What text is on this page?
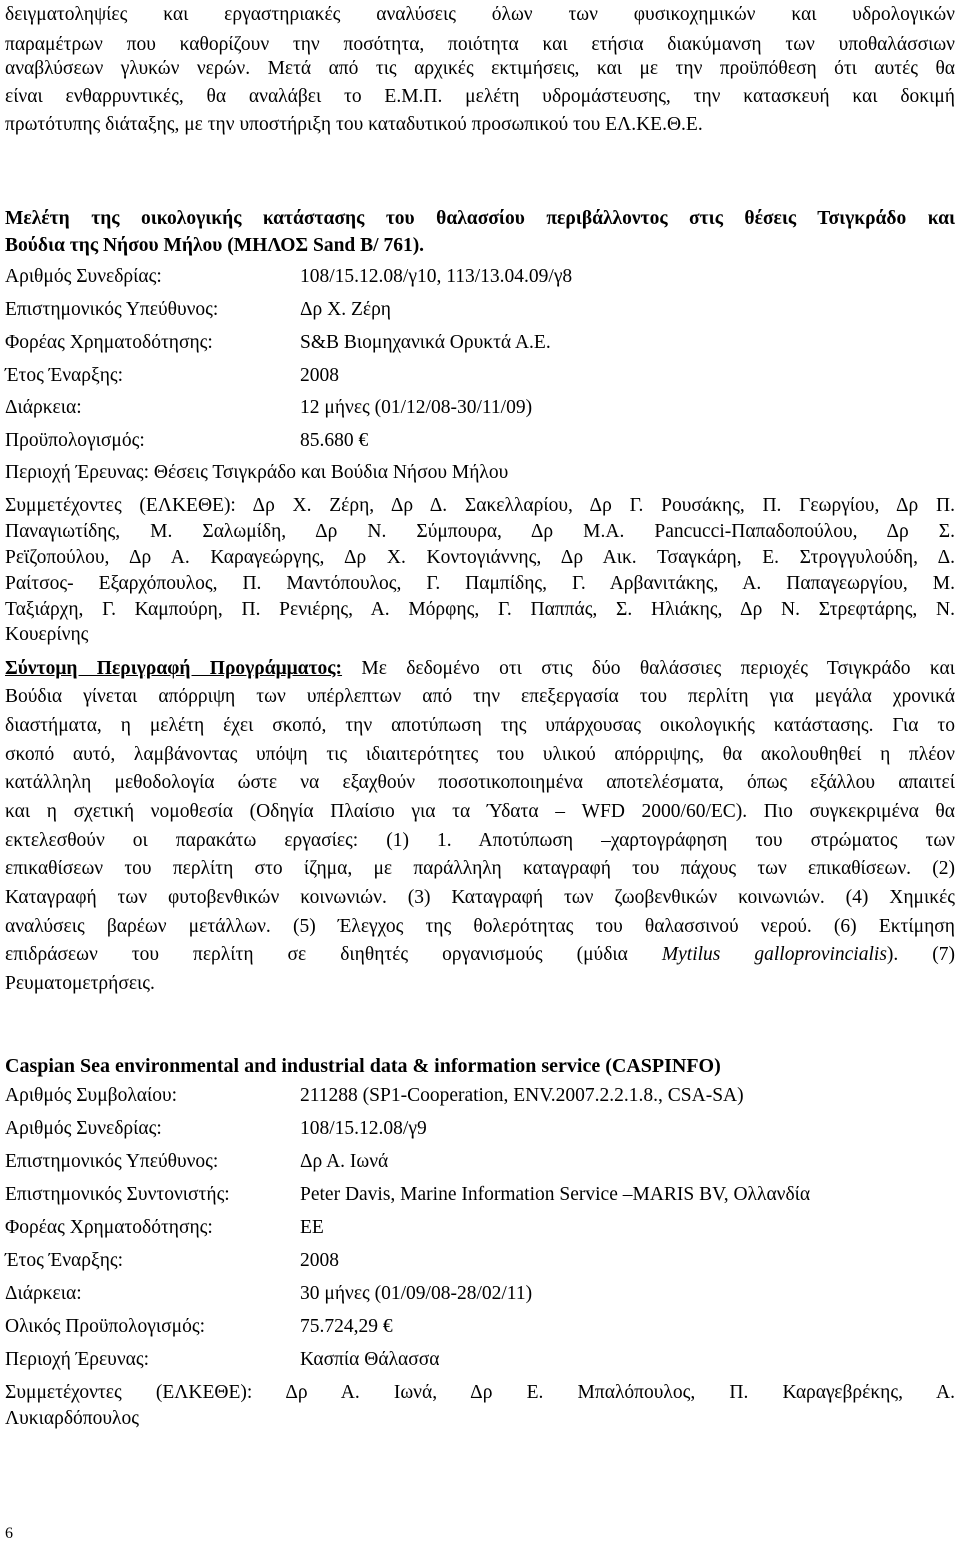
δειγματοληψίες και εργαστηριακές αναλύσεις όλων των φυσικοχημικών και υδρολογικών
παραμέτρων που καθορίζουν την ποσότητα, ποιότητα και ετήσια διακύμανση των υποθαλάσσιων
αναβλύσεων γλυκών νερών. Μετά από τις αρχικές εκτιμήσεις, και με την προϋπόθεση ότι αυτές θα
είναι ενθαρρυντικές, θα αναλάβει το Ε.Μ.Π. μελέτη υδρομάστευσης, την κατασκευή και δοκιμή
πρωτότυπης διάταξης, με την υποστήριξη του καταδυτικού προσωπικού του ΕΛ.ΚΕ.Θ.Ε.
Μελέτη της οικολογικής κατάστασης του θαλασσίου περιβάλλοντος στις θέσεις Τσιγκράδο και
Βούδια της Νήσου Μήλου (ΜΗΛΟΣ Sand B/ 761).
Αριθμός Συνεδρίας:	108/15.12.08/γ10, 113/13.04.09/γ8
Επιστημονικός Υπεύθυνος:	Δρ Χ. Ζέρη
Φορέας Χρηματοδότησης:	S&B Βιομηχανικά Ορυκτά Α.Ε.
Έτος Έναρξης:	2008
Διάρκεια:	12 μήνες (01/12/08-30/11/09)
Προϋπολογισμός:	85.680 €
Περιοχή Έρευνας: Θέσεις Τσιγκράδο και Βούδια Νήσου Μήλου
Συμμετέχοντες (ΕΛΚΕΘΕ): Δρ Χ. Ζέρη, Δρ Δ. Σακελλαρίου, Δρ Γ. Ρουσάκης, Π. Γεωργίου, Δρ Π.
Παναγιωτίδης, Μ. Σαλωμίδη, Δρ Ν. Σύμπουρα, Δρ Μ.Α. Pancucci-Παπαδοπούλου, Δρ Σ.
Ρεϊζοπούλου, Δρ Α. Καραγεώργης, Δρ Χ. Κοντογιάννης, Δρ Αικ. Τσαγκάρη, Ε. Στρογγυλούδη, Δ.
Ραίτσος- Εξαρχόπουλος, Π. Μαντόπουλος, Γ. Παμπίδης, Γ. Αρβανιτάκης, Α. Παπαγεωργίου, Μ.
Ταξιάρχη, Γ. Καμπούρη, Π. Ρενιέρης, Α. Μόρφης, Γ. Παππάς, Σ. Ηλιάκης, Δρ Ν. Στρεφτάρης, Ν.
Κουερίνης
Σύντομη Περιγραφή Προγράμματος: Με δεδομένο οτι στις δύο θαλάσσιες περιοχές Τσιγκράδο και
Βούδια γίνεται απόρριψη των υπέρλεπτων από την επεξεργασία του περλίτη για μεγάλα χρονικά
διαστήματα, η μελέτη έχει σκοπό, την αποτύπωση της υπάρχουσας οικολογικής κατάστασης. Για το
σκοπό αυτό, λαμβάνοντας υπόψη τις ιδιαιτερότητες του υλικού απόρριψης, θα ακολουθηθεί η πλέον
κατάλληλη μεθοδολογία ώστε να εξαχθούν ποσοτικοποιημένα αποτελέσματα, όπως εξάλλου απαιτεί
και η σχετική νομοθεσία (Οδηγία Πλαίσιο για τα Ύδατα – WFD 2000/60/EC). Πιο συγκεκριμένα θα
εκτελεσθούν οι παρακάτω εργασίες: (1) 1. Αποτύπωση –χαρτογράφηση του στρώματος των
επικαθίσεων του περλίτη στο ίζημα, με παράλληλη καταγραφή του πάχους των επικαθίσεων. (2)
Καταγραφή των φυτοβενθικών κοινωνιών. (3) Καταγραφή των ζωοβενθικών κοινωνιών. (4) Χημικές
αναλύσεις βαρέων μετάλλων. (5) Έλεγχος της θολερότητας του θαλασσινού νερού. (6) Εκτίμηση
επιδράσεων του περλίτη σε διηθητές οργανισμούς (μύδια Mytilus galloprovincialis). (7)
Ρευματομετρήσεις.
Caspian Sea environmental and industrial data & information service (CASPINFO)
Αριθμός Συμβολαίου:	211288 (SP1-Cooperation, ENV.2007.2.2.1.8., CSA-SA)
Αριθμός Συνεδρίας:	108/15.12.08/γ9
Επιστημονικός Υπεύθυνος:	Δρ Α. Ιωνά
Επιστημονικός Συντονιστής:	Peter Davis, Marine Information Service –MARIS BV, Ολλανδία
Φορέας Χρηματοδότησης:	ΕΕ
Έτος Έναρξης:	2008
Διάρκεια:	30 μήνες (01/09/08-28/02/11)
Ολικός Προϋπολογισμός:	75.724,29 €
Περιοχή Έρευνας:	Κασπία Θάλασσα
Συμμετέχοντες (ΕΛΚΕΘΕ): Δρ Α. Ιωνά, Δρ Ε. Μπαλόπουλος, Π. Καραγεβρέκης, Α.
Λυκιαρδόπουλος
6
